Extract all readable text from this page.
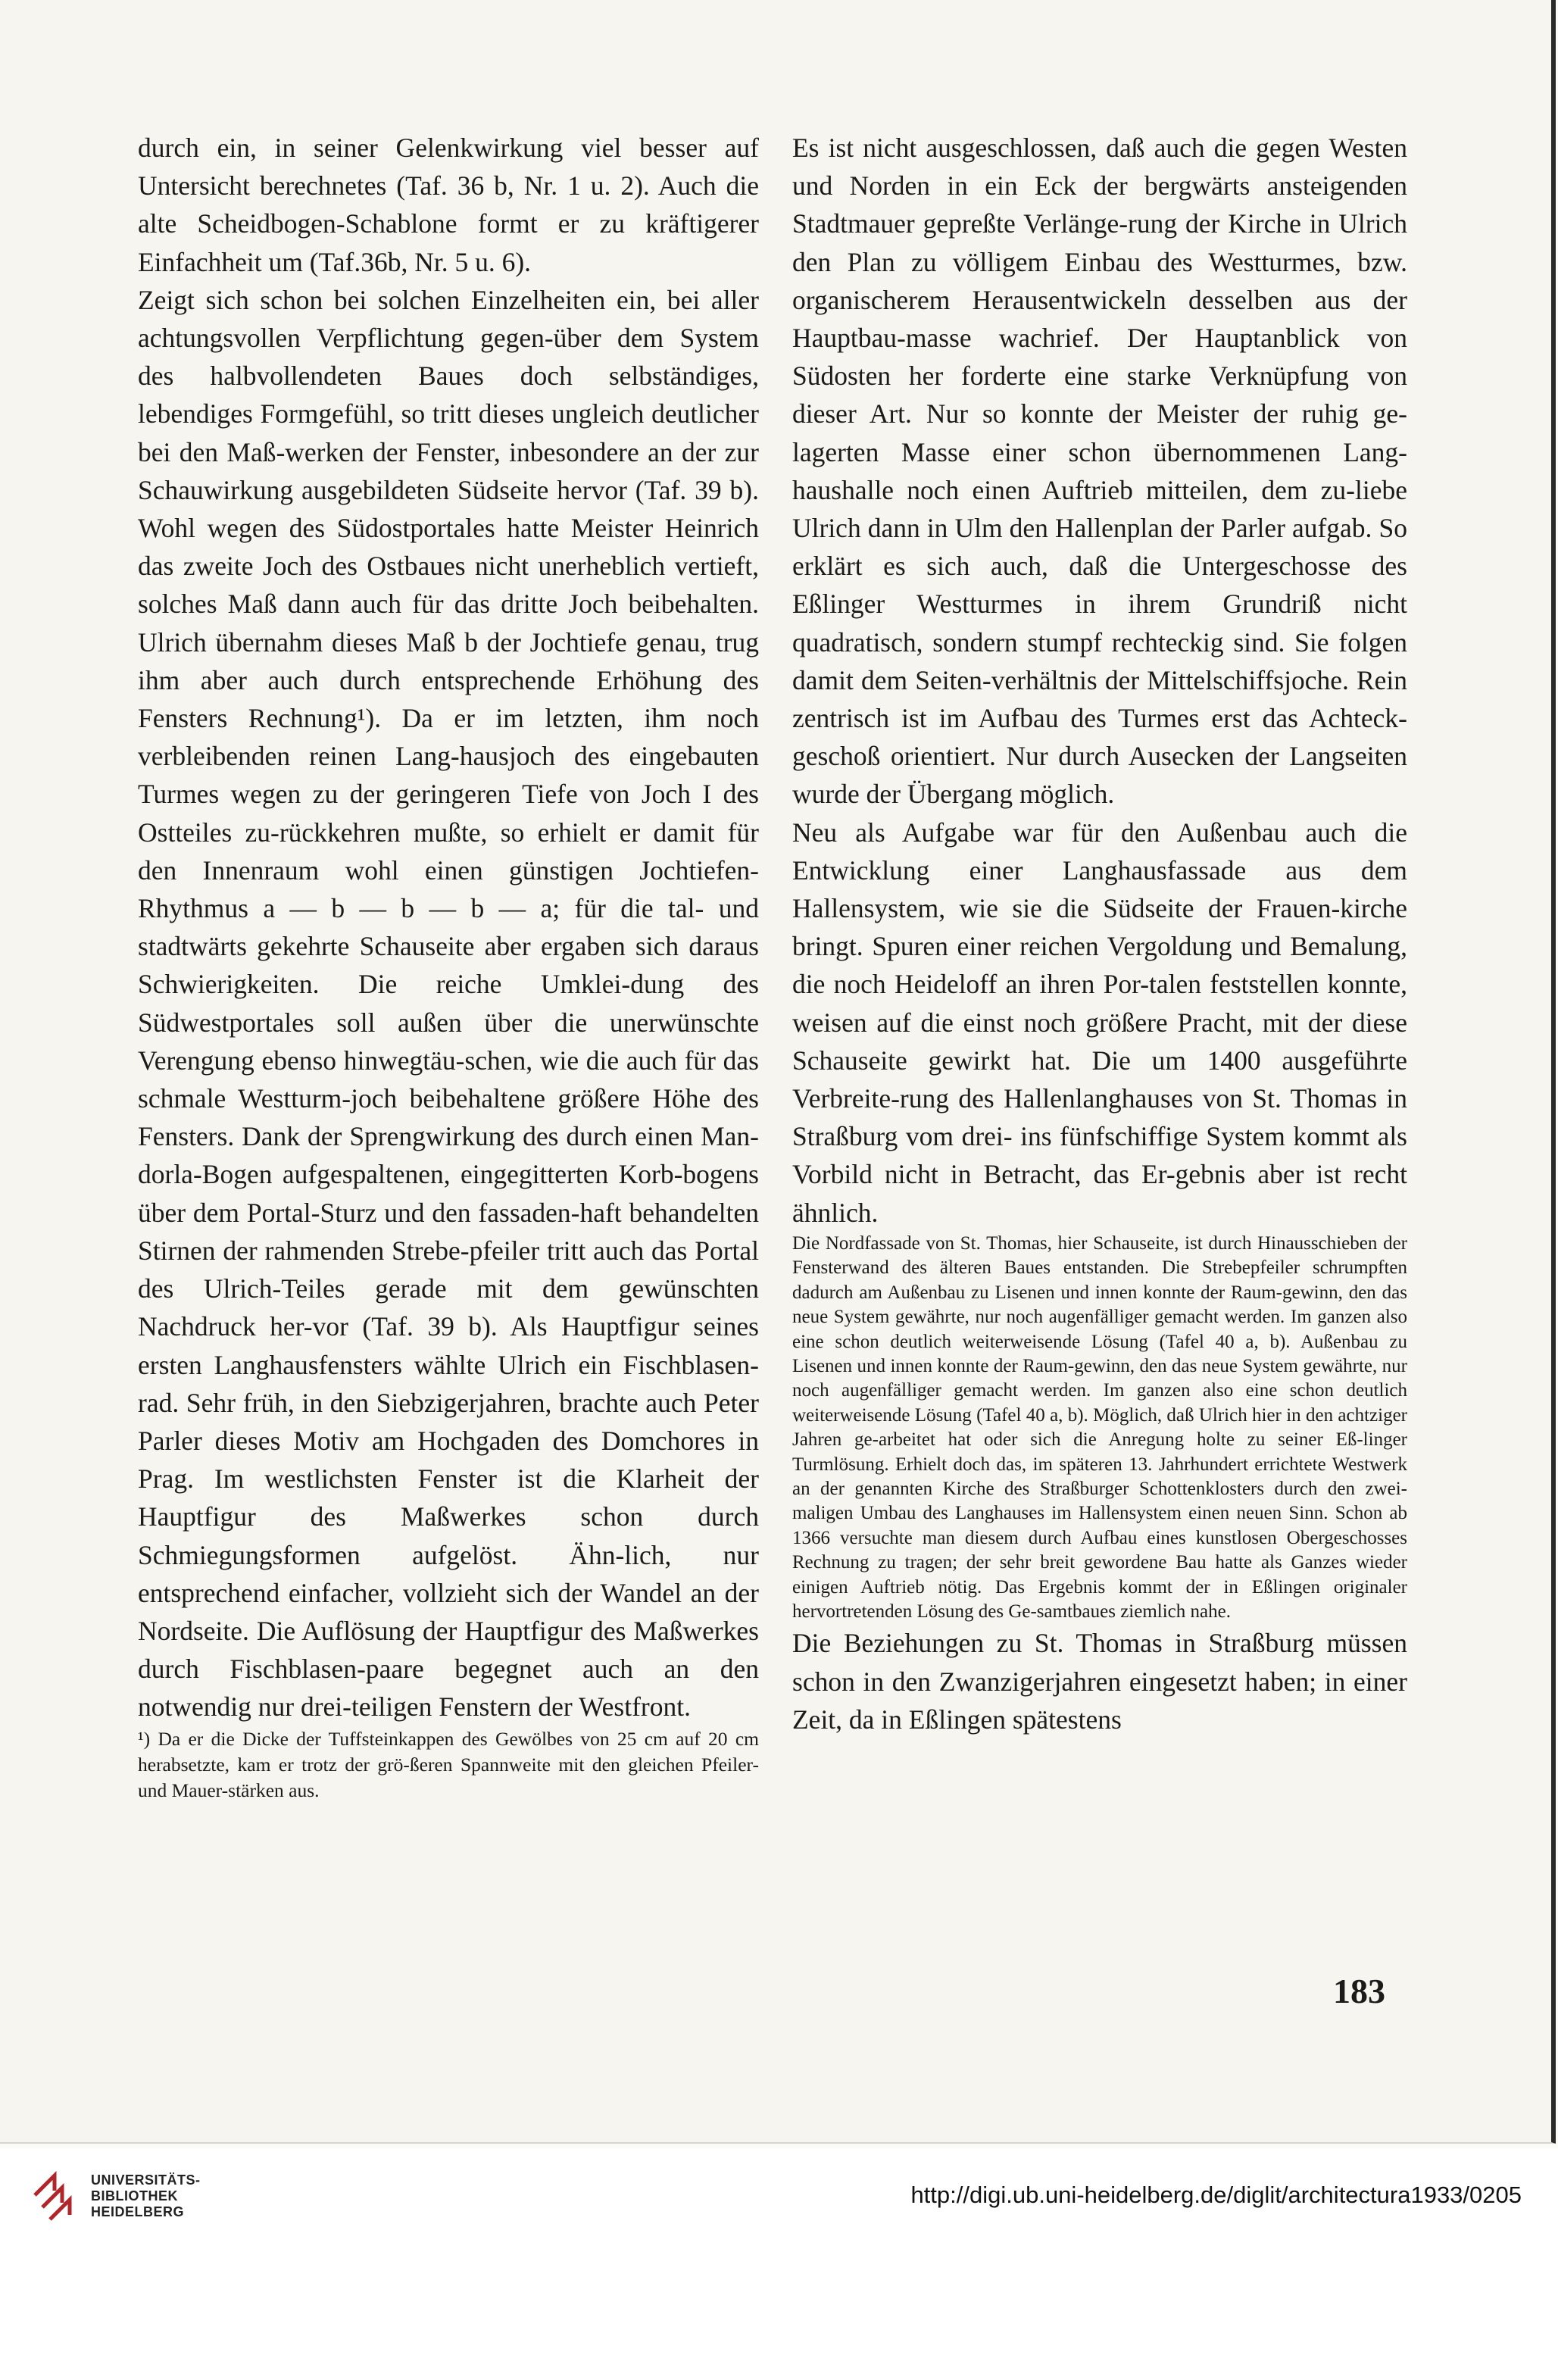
durch ein, in seiner Gelenkwirkung viel besser auf Untersicht berechnetes (Taf. 36 b, Nr. 1 u. 2). Auch die alte Scheidbogen-Schablone formt er zu kräftigerer Einfachheit um (Taf.36b, Nr. 5 u. 6).

Zeigt sich schon bei solchen Einzelheiten ein, bei aller achtungsvollen Verpflichtung gegen-über dem System des halbvollendeten Baues doch selbständiges, lebendiges Formgefühl, so tritt dieses ungleich deutlicher bei den Maß-werken der Fenster, inbesondere an der zur Schauwirkung ausgebildeten Südseite hervor (Taf. 39 b). Wohl wegen des Südostportales hatte Meister Heinrich das zweite Joch des Ostbaues nicht unerheblich vertieft, solches Maß dann auch für das dritte Joch beibehalten. Ulrich übernahm dieses Maß b der Jochtiefe genau, trug ihm aber auch durch entsprechende Erhöhung des Fensters Rechnung¹). Da er im letzten, ihm noch verbleibenden reinen Lang-hausjoch des eingebauten Turmes wegen zu der geringeren Tiefe von Joch I des Ostteiles zu-rückkehren mußte, so erhielt er damit für den Innenraum wohl einen günstigen Jochtiefen-Rhythmus a — b — b — b — a; für die tal- und stadtwärts gekehrte Schauseite aber ergaben sich daraus Schwierigkeiten. Die reiche Umklei-dung des Südwestportales soll außen über die unerwünschte Verengung ebenso hinwegtäu-schen, wie die auch für das schmale Westturm-joch beibehaltene größere Höhe des Fensters. Dank der Sprengwirkung des durch einen Man-dorla-Bogen aufgespaltenen, eingegitterten Korb-bogens über dem Portal-Sturz und den fassaden-haft behandelten Stirnen der rahmenden Strebe-pfeiler tritt auch das Portal des Ulrich-Teiles gerade mit dem gewünschten Nachdruck her-vor (Taf. 39 b). Als Hauptfigur seines ersten Langhausfensters wählte Ulrich ein Fischblasen-rad. Sehr früh, in den Siebzigerjahren, brachte auch Peter Parler dieses Motiv am Hochgaden des Domchores in Prag. Im westlichsten Fenster ist die Klarheit der Hauptfigur des Maßwerkes schon durch Schmiegungsformen aufgelöst. Ähn-lich, nur entsprechend einfacher, vollzieht sich der Wandel an der Nordseite. Die Auflösung der Hauptfigur des Maßwerkes durch Fischblasen-paare begegnet auch an den notwendig nur drei-teiligen Fenstern der Westfront.

¹) Da er die Dicke der Tuffsteinkappen des Gewölbes von 25 cm auf 20 cm herabsetzte, kam er trotz der grö-ßeren Spannweite mit den gleichen Pfeiler- und Mauer-stärken aus.

Es ist nicht ausgeschlossen, daß auch die gegen Westen und Norden in ein Eck der bergwärts ansteigenden Stadtmauer gepreßte Verlänge-rung der Kirche in Ulrich den Plan zu völligem Einbau des Westturmes, bzw. organischerem Herausentwickeln desselben aus der Hauptbau-masse wachrief. Der Hauptanblick von Südosten her forderte eine starke Verknüpfung von dieser Art. Nur so konnte der Meister der ruhig ge-lagerten Masse einer schon übernommenen Lang-haushalle noch einen Auftrieb mitteilen, dem zu-liebe Ulrich dann in Ulm den Hallenplan der Parler aufgab. So erklärt es sich auch, daß die Untergeschosse des Eßlinger Westturmes in ihrem Grundriß nicht quadratisch, sondern stumpf rechteckig sind. Sie folgen damit dem Seiten-verhältnis der Mittelschiffsjoche. Rein zentrisch ist im Aufbau des Turmes erst das Achteck-geschoß orientiert. Nur durch Ausecken der Langseiten wurde der Übergang möglich.

Neu als Aufgabe war für den Außenbau auch die Entwicklung einer Langhausfassade aus dem Hallensystem, wie sie die Südseite der Frauen-kirche bringt. Spuren einer reichen Vergoldung und Bemalung, die noch Heideloff an ihren Por-talen feststellen konnte, weisen auf die einst noch größere Pracht, mit der diese Schauseite gewirkt hat. Die um 1400 ausgeführte Verbreite-rung des Hallenlanghauses von St. Thomas in Straßburg vom drei- ins fünfschiffige System kommt als Vorbild nicht in Betracht, das Er-gebnis aber ist recht ähnlich.

Die Nordfassade von St. Thomas, hier Schauseite, ist durch Hinausschieben der Fensterwand des älteren Baues entstanden. Die Strebepfeiler schrumpften dadurch am Außenbau zu Lisenen und innen konnte der Raum-gewinn, den das neue System gewährte, nur noch augenfälliger gemacht werden. Im ganzen also eine schon deutlich weiterweisende Lösung (Tafel 40 a, b). Außenbau zu Lisenen und innen konnte der Raum-gewinn, den das neue System gewährte, nur noch augenfälliger gemacht werden. Im ganzen also eine schon deutlich weiterweisende Lösung (Tafel 40 a, b). Möglich, daß Ulrich hier in den achtziger Jahren ge-arbeitet hat oder sich die Anregung holte zu seiner Eß-linger Turmlösung. Erhielt doch das, im späteren 13. Jahrhundert errichtete Westwerk an der genannten Kirche des Straßburger Schottenklosters durch den zwei-maligen Umbau des Langhauses im Hallensystem einen neuen Sinn. Schon ab 1366 versuchte man diesem durch Aufbau eines kunstlosen Obergeschosses Rechnung zu tragen; der sehr breit gewordene Bau hatte als Ganzes wieder einigen Auftrieb nötig. Das Ergebnis kommt der in Eßlingen originaler hervortretenden Lösung des Ge-samtbaues ziemlich nahe.

Die Beziehungen zu St. Thomas in Straßburg müssen schon in den Zwanzigerjahren eingesetzt haben; in einer Zeit, da in Eßlingen spätestens

183
UNIVERSITÄTS-
BIBLIOTHEK
HEIDELBERG
http://digi.ub.uni-heidelberg.de/diglit/architectura1933/0205
